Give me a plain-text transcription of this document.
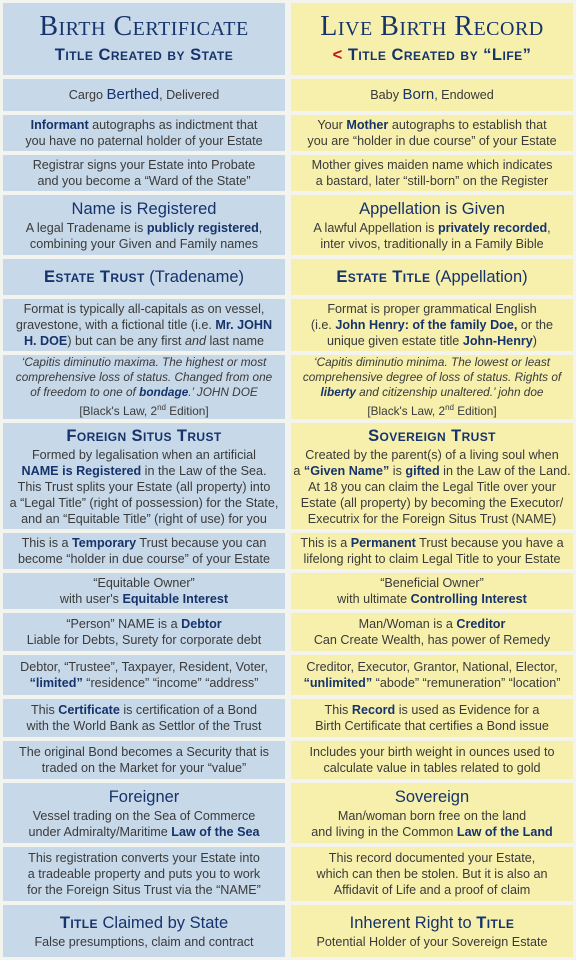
Birth Certificate
Title Created by State
Live Birth Record
< Title Created by “Life”
Cargo Berthed, Delivered	Baby Born, Endowed
Informant autographs as indictment that
you have no paternal holder of your Estate
Your Mother autographs to establish that
you are “holder in due course” of your Estate
Registrar signs your Estate into Probate
and you become a “Ward of the State”
Mother gives maiden name which indicates
a bastard, later “still-born” on the Register
Name is Registered
A legal Tradename is publicly registered,
combining your Given and Family names
Appellation is Given
A lawful Appellation is privately recorded,
inter vivos, traditionally in a Family Bible
Estate Trust (Tradename)	Estate Title (Appellation)
Format is typically all-capitals as on vessel,
gravestone, with a fictional title (i.e. Mr. JOHN
H. DOE) but can be any first and last name
Format is proper grammatical English
(i.e. John Henry: of the family Doe, or the
unique given estate title John-Henry)
‘Capitis diminutio maxima. The highest or most
comprehensive loss of status. Changed from one
of freedom to one of bondage.’ JOHN DOE
[Black's Law, 2nd Edition]
‘Capitis diminutio minima. The lowest or least
comprehensive degree of loss of status. Rights of
liberty and citizenship unaltered.’ john doe
[Black's Law, 2nd Edition]
Foreign Situs Trust
Formed by legalisation when an artificial
NAME is Registered in the Law of the Sea.
This Trust splits your Estate (all property) into
a “Legal Title” (right of possession) for the State,
and an “Equitable Title” (right of use) for you
Sovereign Trust
Created by the parent(s) of a living soul when
a “Given Name” is gifted in the Law of the Land.
At 18 you can claim the Legal Title over your
Estate (all property) by becoming the Executor/
Executrix for the Foreign Situs Trust (NAME)
This is a Temporary Trust because you can
become “holder in due course” of your Estate
This is a Permanent Trust because you have a
lifelong right to claim Legal Title to your Estate
“Equitable Owner”
with user's Equitable Interest
“Beneficial Owner”
with ultimate Controlling Interest
“Person” NAME is a Debtor
Liable for Debts, Surety for corporate debt
Man/Woman is a Creditor
Can Create Wealth, has power of Remedy
Debtor, “Trustee”, Taxpayer, Resident, Voter,
“limited” “residence” “income” “address”
Creditor, Executor, Grantor, National, Elector,
“unlimited” “abode” “remuneration” “location”
This Certificate is certification of a Bond
with the World Bank as Settlor of the Trust
This Record is used as Evidence for a
Birth Certificate that certifies a Bond issue
The original Bond becomes a Security that is
traded on the Market for your “value”
Includes your birth weight in ounces used to
calculate value in tables related to gold
Foreigner
Vessel trading on the Sea of Commerce
under Admiralty/Maritime Law of the Sea
Sovereign
Man/woman born free on the land
and living in the Common Law of the Land
This registration converts your Estate into
a tradeable property and puts you to work
for the Foreign Situs Trust via the “NAME”
This record documented your Estate,
which can then be stolen. But it is also an
Affidavit of Life and a proof of claim
Title Claimed by State
False presumptions, claim and contract
Inherent Right to Title
Potential Holder of your Sovereign Estate
